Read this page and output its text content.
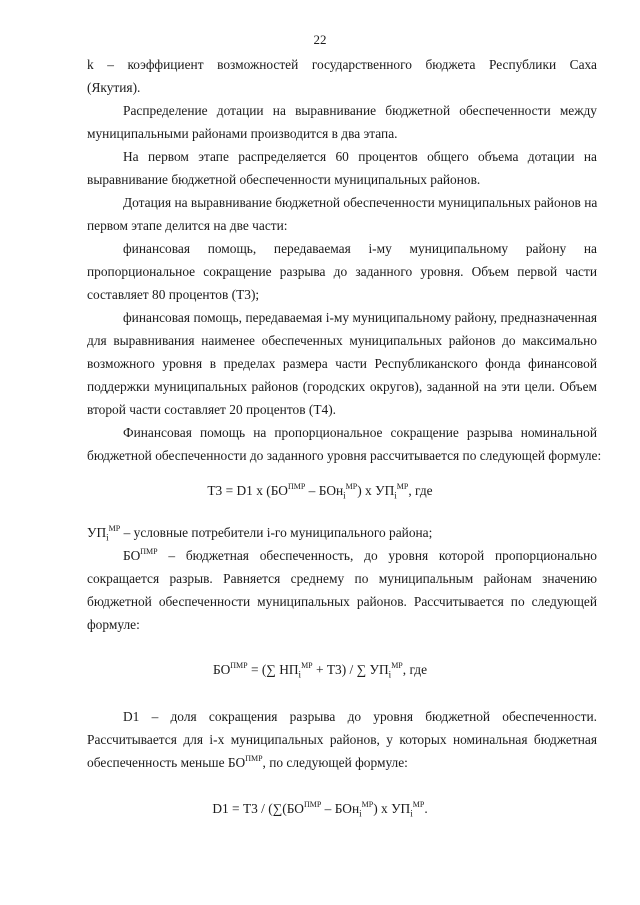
22
k – коэффициент возможностей государственного бюджета Республики Саха
(Якутия).
Распределение дотации на выравнивание бюджетной обеспеченности между
муниципальными районами производится в два этапа.
На первом этапе распределяется 60 процентов общего объема дотации на
выравнивание бюджетной обеспеченности муниципальных районов.
Дотация на выравнивание бюджетной обеспеченности муниципальных районов на
первом этапе делится на две части:
финансовая помощь, передаваемая i-му муниципальному району на
пропорциональное сокращение разрыва до заданного уровня. Объем первой части
составляет 80 процентов (Т3);
финансовая помощь, передаваемая i-му муниципальному району, предназначенная
для выравнивания наименее обеспеченных муниципальных районов до максимально
возможного уровня в пределах размера части Республиканского фонда финансовой
поддержки муниципальных районов (городских округов), заданной на эти цели. Объем
второй части составляет 20 процентов (Т4).
Финансовая помощь на пропорциональное сокращение разрыва номинальной
бюджетной обеспеченности до заданного уровня рассчитывается по следующей формуле:
Т3 = D1 х $(БО^{ПМР} - БОн_i^{МР})$ х $УП_i^{МР}$, где
$УП_i^{МР}$ – условные потребители i-го муниципального района;
$БО^{ПМР}$ – бюджетная обеспеченность, до уровня которой пропорционально
сокращается разрыв. Равняется среднему по муниципальным районам значению
бюджетной обеспеченности муниципальных районов. Рассчитывается по следующей
формуле:
$БО^{ПМР}$ = (∑ $НП_i^{МР} + Т3$) / ∑ $УП_i^{МР}$, где
D1 – доля сокращения разрыва до уровня бюджетной обеспеченности.
Рассчитывается для i-х муниципальных районов, у которых номинальная бюджетная
обеспеченность меньше $БО^{ПМР}$, по следующей формуле:
$D1 = Т3 / (\sum(БО^{ПМР} - БОн_i^{МР})$ х $УП_i^{МР}$.
